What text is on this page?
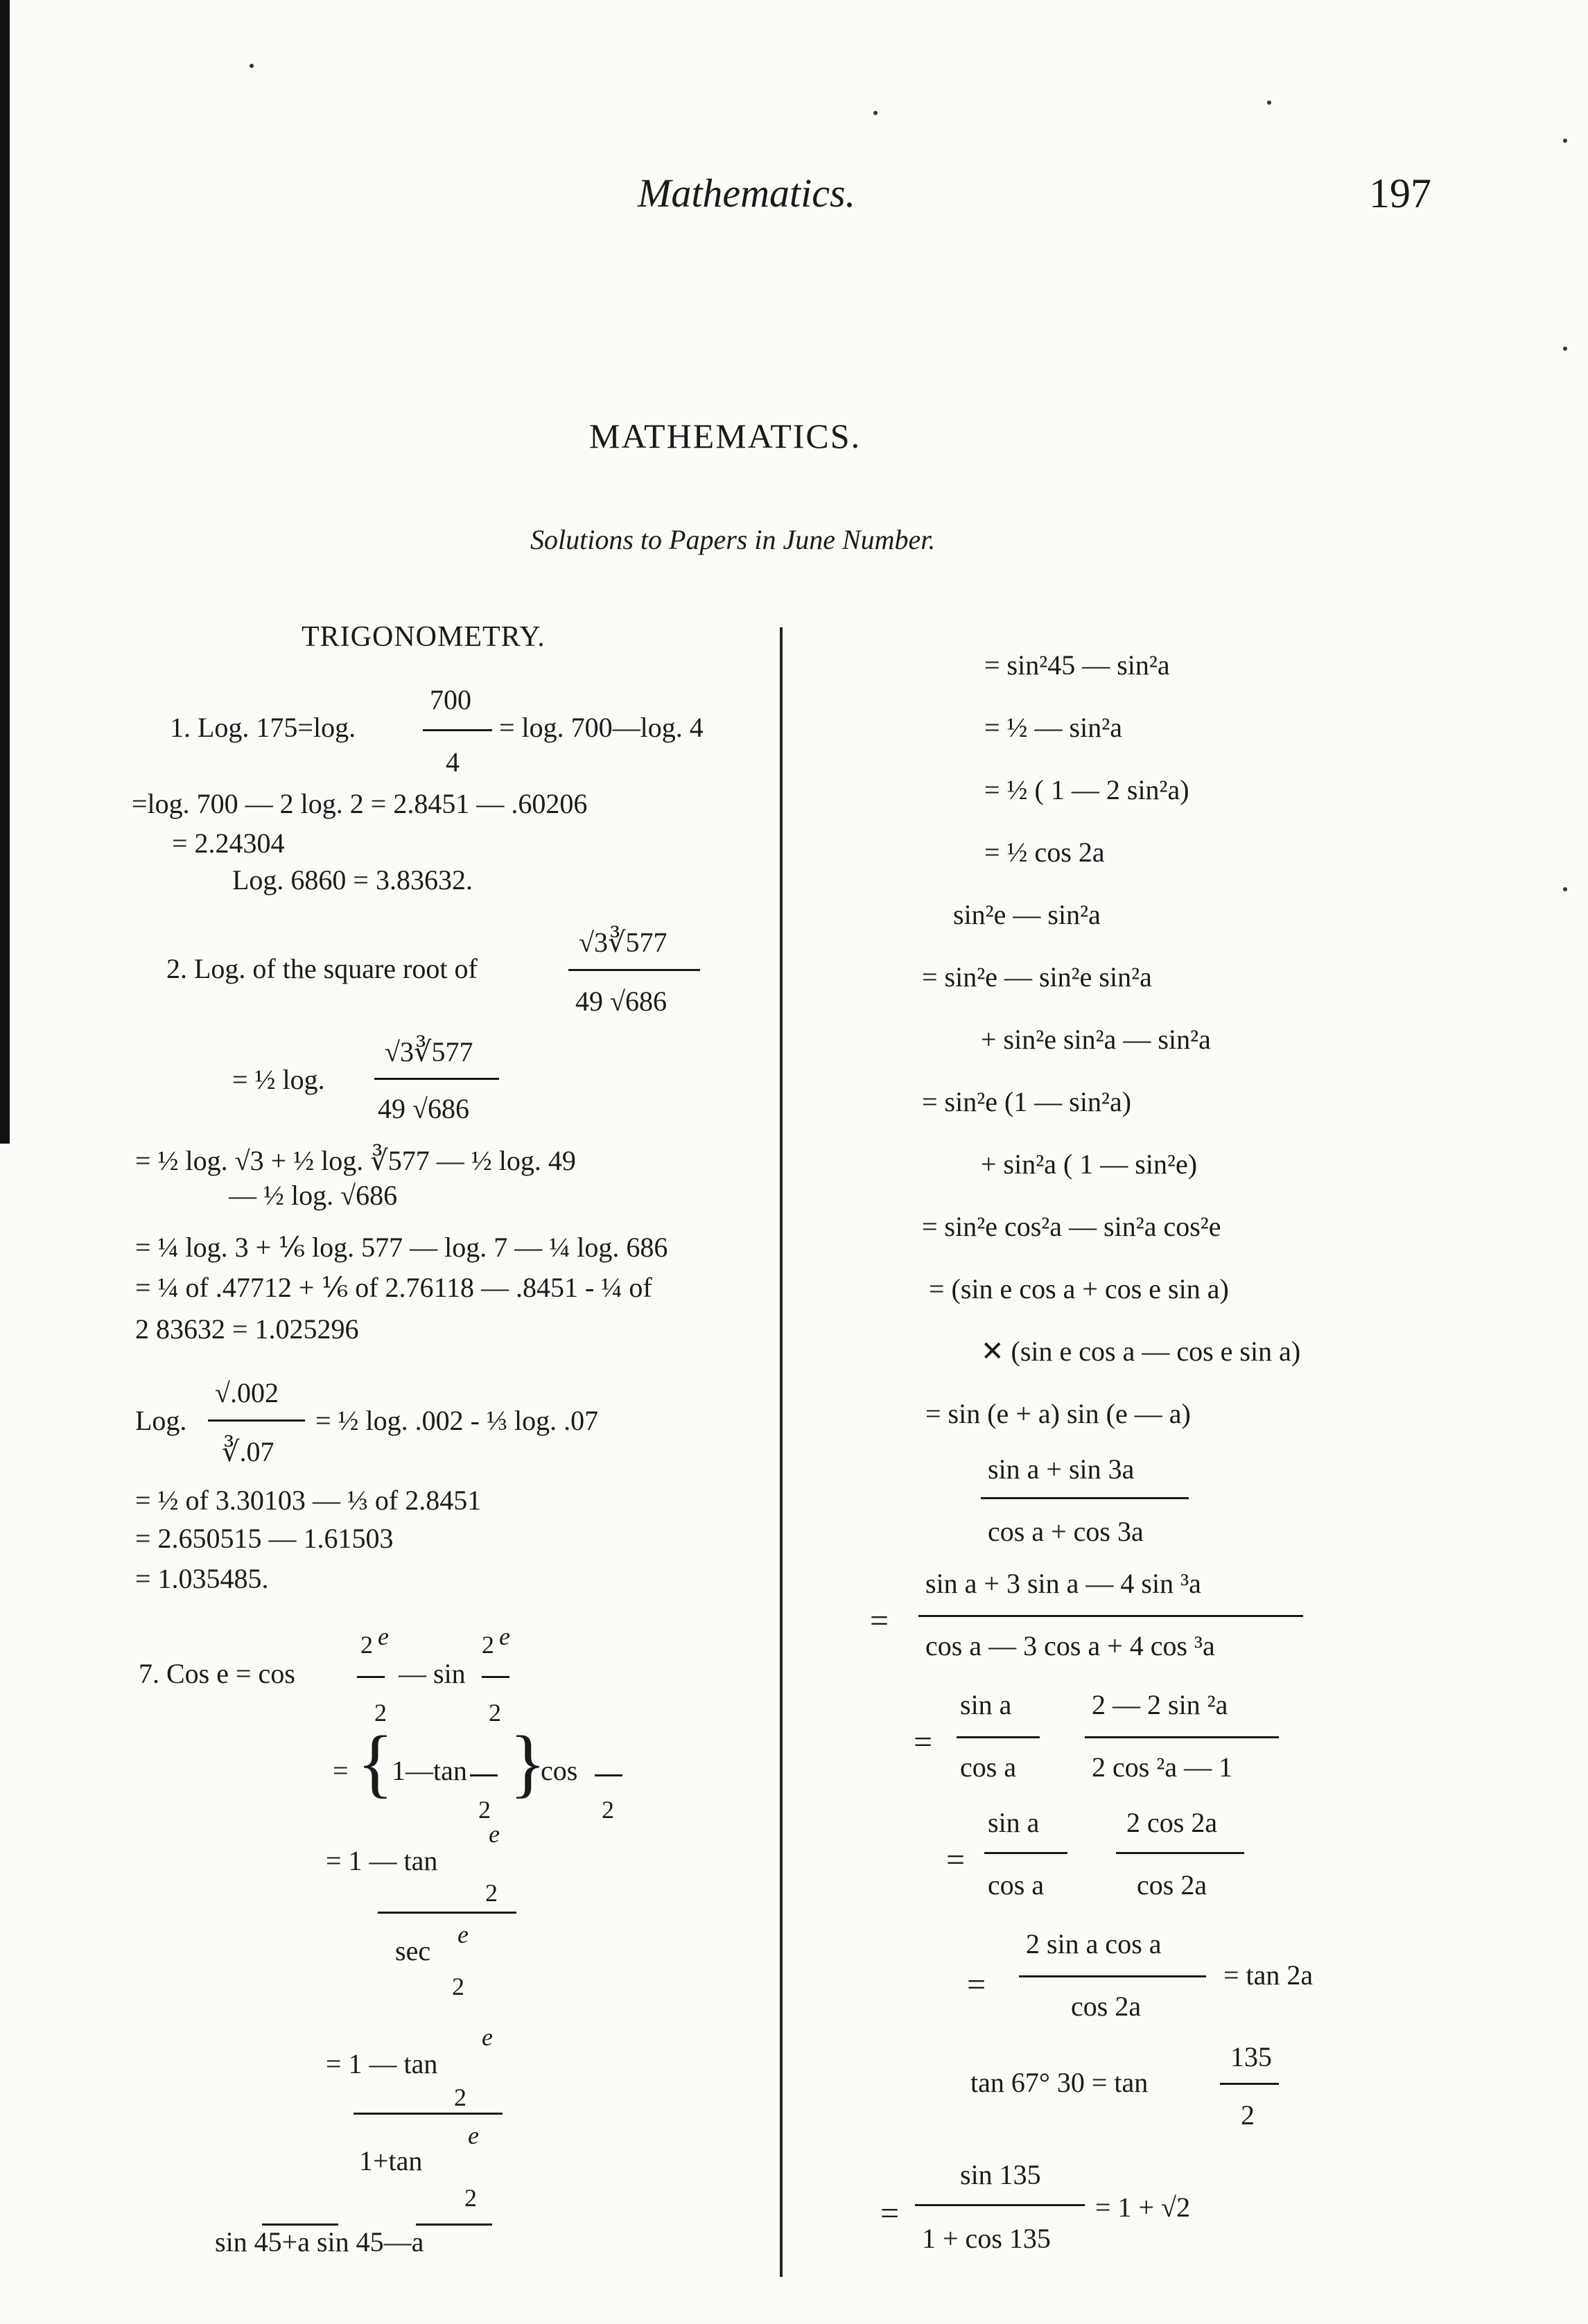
Mathematics.	197
MATHEMATICS.
Solutions to Papers in June Number.
TRIGONOMETRY.
700
1. Log. 175=log.	= log. 700—log. 4
4
=log. 700 — 2 log. 2 = 2.8451 — .60206
= 2.24304
Log. 6860 = 3.83632.
√3∛577
2. Log. of the square root of
49 √686
√3∛577
= ½ log.
49 √686
= ½ log. √3 + ½ log. ∛577 — ½ log. 49
— ½ log. √686
= ¼ log. 3 + ⅙ log. 577 — log. 7 — ¼ log. 686
= ¼ of .47712 + ⅙ of 2.76118 — .8451 - ¼ of
2 83632 = 1.025296
√.002
Log.	= ½ log. .002 - ⅓ log. .07
∛.07
= ½ of 3.30103 — ⅓ of 2.8451
= 2.650515 — 1.61503
= 1.035485.
2 e	2 e
7. Cos e = cos	— sin
2	2
= {
1—tan
2
}
cos
2
= 1 — tan
e
2
sec
e
2
= 1 — tan
e
2
1+tan
e
2
sin 45+a sin 45—a
= sin²45 — sin²a
= ½ — sin²a
= ½ ( 1 — 2 sin²a)
= ½ cos 2a
sin²e — sin²a
= sin²e — sin²e sin²a
+ sin²e sin²a — sin²a
= sin²e (1 — sin²a)
+ sin²a ( 1 — sin²e)
= sin²e cos²a — sin²a cos²e
= (sin e cos a + cos e sin a)
✕ (sin e cos a — cos e sin a)
= sin (e + a) sin (e — a)
sin a + sin 3a
cos a + cos 3a
=
sin a + 3 sin a — 4 sin ³a
cos a — 3 cos a + 4 cos ³a
=
sin a
cos a
2 — 2 sin ²a
2 cos ²a — 1
=
sin a
cos a
2 cos 2a
cos 2a
=
2 sin a cos a
cos 2a
= tan 2a
135
tan 67° 30 = tan
2
=
sin 135
1 + cos 135
= 1 + √2
